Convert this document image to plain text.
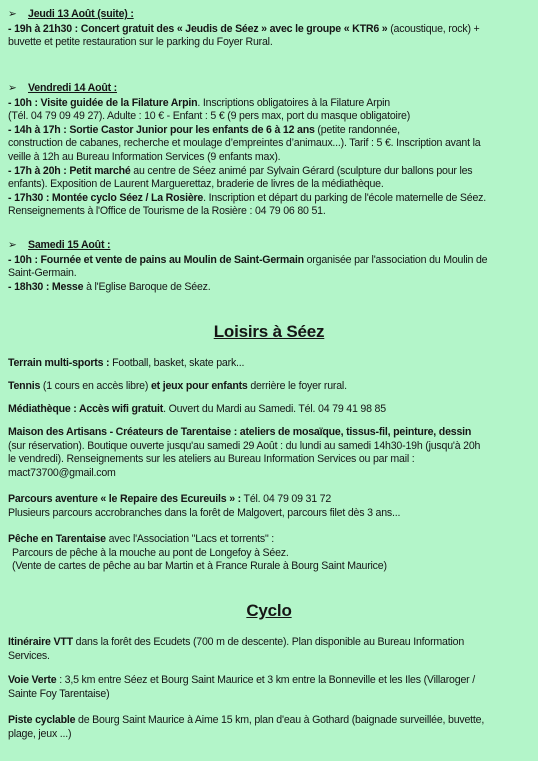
➢ Jeudi 13 Août (suite) :

- 19h à 21h30 : Concert gratuit des « Jeudis de Séez » avec le groupe « KTR6 » (acoustique, rock) +

buvette et petite restauration sur le parking du Foyer Rural.

➢ Vendredi 14 Août :

- 10h : Visite guidée de la Filature Arpin. Inscriptions obligatoires à la Filature Arpin

(Tél. 04 79 09 49 27). Adulte : 10 € - Enfant : 5 € (9 pers max, port du masque obligatoire)

- 14h à 17h : Sortie Castor Junior pour les enfants de 6 à 12 ans (petite randonnée,

construction de cabanes, recherche et moulage d’empreintes d’animaux...). Tarif : 5 €. Inscription avant la

veille à 12h au Bureau Information Services (9 enfants max).

- 17h à 20h : Petit marché au centre de Séez animé par Sylvain Gérard (sculpture dur ballons pour les

enfants). Exposition de Laurent Marguerettaz, braderie de livres de la médiathèque.

- 17h30 : Montée cyclo Séez / La Rosière. Inscription et départ du parking de l'école maternelle de Séez.

Renseignements à l'Office de Tourisme de la Rosière : 04 79 06 80 51.

➢ Samedi 15 Août :

- 10h : Fournée et vente de pains au Moulin de Saint-Germain organisée par l'association du Moulin de

Saint-Germain.

- 18h30 : Messe à l'Eglise Baroque de Séez.

Loisirs à Séez

Terrain multi-sports : Football, basket, skate park...

Tennis (1 cours en accès libre) et jeux pour enfants derrière le foyer rural.

Médiathèque : Accès wifi gratuit. Ouvert du Mardi au Samedi. Tél. 04 79 41 98 85

Maison des Artisans - Créateurs de Tarentaise : ateliers de mosaïque, tissus-fil, peinture, dessin

(sur réservation). Boutique ouverte jusqu'au samedi 29 Août : du lundi au samedi 14h30-19h (jusqu'à 20h

le vendredi). Renseignements sur les ateliers au Bureau Information Services ou par mail :

mact73700@gmail.com

Parcours aventure « le Repaire des Ecureuils » : Tél. 04 79 09 31 72

Plusieurs parcours accrobranches dans la forêt de Malgovert, parcours filet dès 3 ans...

Pêche en Tarentaise avec l'Association "Lacs et torrents" :

Parcours de pêche à la mouche au pont de Longefoy à Séez.

(Vente de cartes de pêche au bar Martin et à France Rurale à Bourg Saint Maurice)

Cyclo

Itinéraire VTT dans la forêt des Ecudets (700 m de descente). Plan disponible au Bureau Information

Services.

Voie Verte : 3,5 km entre Séez et Bourg Saint Maurice et 3 km entre la Bonneville et les Iles (Villaroger /

Sainte Foy Tarentaise)

Piste cyclable de Bourg Saint Maurice à Aime 15 km, plan d'eau à Gothard (baignade surveillée, buvette,

plage, jeux ...)
